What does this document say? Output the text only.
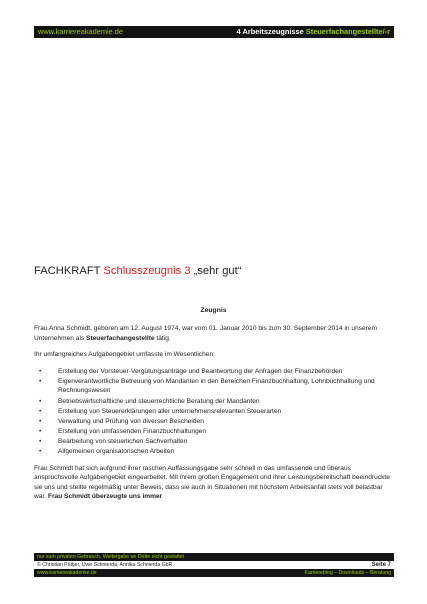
www.karriereakademie.de	4 Arbeitszeugnisse Steuerfachangestellte/-r
FACHKRAFT Schlusszeugnis 3 „sehr gut“
Zeugnis

Frau Anna Schmidt, geboren am 12. August 1974, war vom 01. Januar 2010 bis zum 30. September 2014 in unserem Unternehmen als Steuerfachangestellte tätig.

Ihr umfangreiches Aufgabengebiet umfasste im Wesentlichen:

•	Erstellung der Vorsteuer-Vergütungsanträge und Beantwortung der Anfragen der Finanzbehörden
•	Eigenverantwortliche Betreuung von Mandanten in den Bereichen Finanzbuchhaltung, Lohnbuchhaltung und Rechnungswesen
•	Betriebswirtschaftliche und steuerrechtliche Beratung der Mandanten
•	Erstellung von Steuererklärungen aller unternehmensrelevanten Steuerarten
•	Verwaltung und Prüfung von diversen Bescheiden
•	Erstellung von umfassenden Finanzbuchhaltungen
•	Bearbeitung von steuerlichen Sachverhalten
•	Allgemeinen organisatorischen Arbeiten

Frau Schmidt hat sich aufgrund ihrer raschen Auffassungsgabe sehr schnell in das umfassende und überaus anspruchsvolle Aufgabengebiet eingearbeitet. Mit ihrem großen Engagement und ihrer Leistungsbereitschaft beeindruckte sie uns und stellte regelmäßig unter Beweis, dass sie auch in Situationen mit höchstem Arbeitsanfall stets voll belastbar war. Frau Schmidt überzeugte uns immer

nur zum privaten Gebrauch, Weitergabe an Dritte nicht gestattet
© Christian Püttjer, Uwe Schnierda, Annika Schnierda GbR	Seite 7
www.karriereakademie.de	Karriereblog – Downloads – Beratung
